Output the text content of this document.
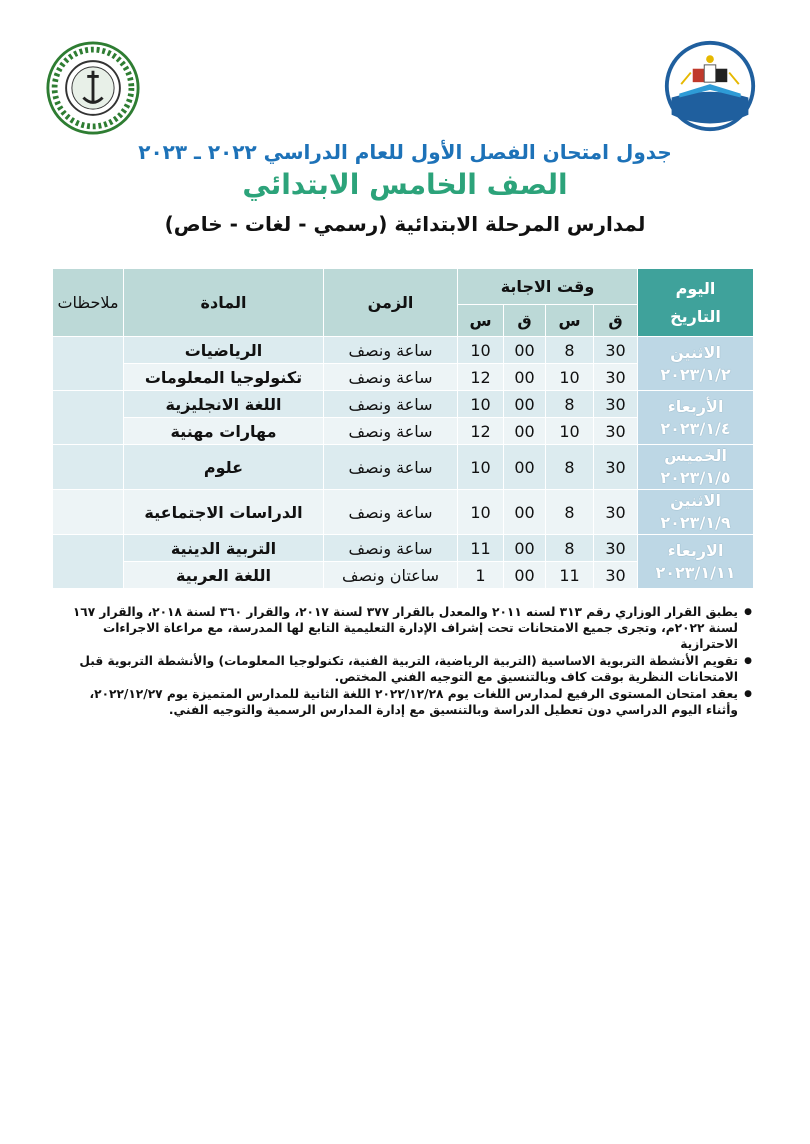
جدول امتحان الفصل الأول للعام الدراسي ٢٠٢٢ ـ ٢٠٢٣
الصف الخامس الابتدائي
لمدارس المرحلة الابتدائية (رسمي - لغات - خاص)
اليوم
التاريخ	وقت الاجابة				الزمن	المادة	ملاحظات
	ق	س	ق	س			

الاثنين
٢٠٢٣/١/٢	30	8	00	10	ساعة ونصف	الرياضيات	
	30	10	00	12	ساعة ونصف	تكنولوجيا المعلومات	

الأربعاء
٢٠٢٣/١/٤	30	8	00	10	ساعة ونصف	اللغة الانجليزية	
	30	10	00	12	ساعة ونصف	مهارات مهنية	

الخميس
٢٠٢٣/١/٥	30	8	00	10	ساعة ونصف	علوم	

الاثنين
٢٠٢٣/١/٩	30	8	00	10	ساعة ونصف	الدراسات الاجتماعية	

الاربعاء
٢٠٢٣/١/١١	30	8	00	11	ساعة ونصف	التربية الدينية	
	30	11	00	1	ساعتان ونصف	اللغة العربية	
● يطبق القرار الوزاري رقم ٣١٣ لسنه ٢٠١١ والمعدل بالقرار ٣٧٧ لسنة ٢٠١٧، والقرار ٣٦٠ لسنة ٢٠١٨، والقرار ١٦٧ لسنة ٢٠٢٢م، وتجرى جميع الامتحانات تحت إشراف الإدارة التعليمية التابع لها المدرسة، مع مراعاة الاجراءات الاحترازية
● تقويم الأنشطة التربوية الاساسية (التربية الرياضية، التربية الفنية، تكنولوجيا المعلومات) والأنشطة التربوية قبل الامتحانات النظرية بوقت كاف وبالتنسيق مع التوجيه الفني المختص.
● يعقد امتحان المستوى الرفيع لمدارس اللغات يوم ٢٠٢٢/١٢/٢٨ اللغة الثانية للمدارس المتميزة يوم ٢٠٢٢/١٢/٢٧، وأثناء اليوم الدراسي دون تعطيل الدراسة وبالتنسيق مع إدارة المدارس الرسمية والتوجيه الفني.
